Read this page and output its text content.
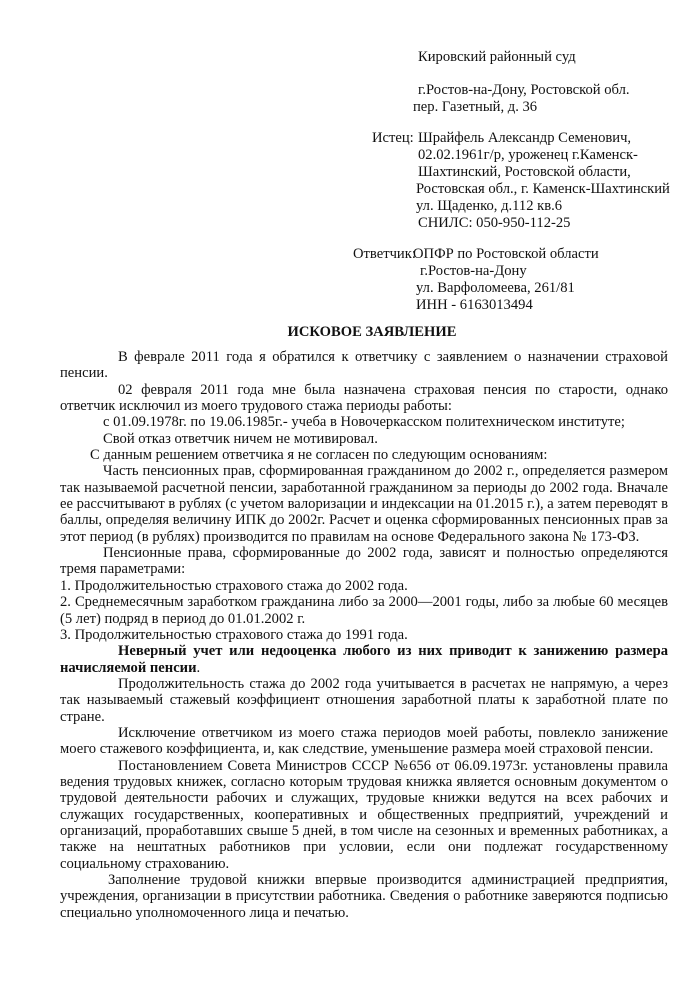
Кировский районный суд
г.Ростов-на-Дону, Ростовской обл.
пер. Газетный, д. 36
Истец: Шрайфель Александр Семенович,
02.02.1961г/р, уроженец г.Каменск-
Шахтинский, Ростовской области,
Ростовская обл., г. Каменск-Шахтинский
ул. Щаденко, д.112 кв.6
СНИЛС: 050-950-112-25
Ответчик:
ОПФР по Ростовской области
г.Ростов-на-Дону
ул. Варфоломеева, 261/81
ИНН - 6163013494
ИСКОВОЕ ЗАЯВЛЕНИЕ

В феврале 2011 года я обратился к ответчику с заявлением о назначении страховой пенсии.

02 февраля 2011 года мне была назначена страховая пенсия по старости, однако ответчик исключил из моего трудового стажа периоды работы:

с 01.09.1978г. по 19.06.1985г.- учеба в Новочеркасском политехническом институте;

Свой отказ ответчик ничем не мотивировал.

С данным решением ответчика я не согласен по следующим основаниям:

Часть пенсионных прав, сформированная гражданином до 2002 г., определяется размером так называемой расчетной пенсии, заработанной гражданином за периоды до 2002 года. Вначале ее рассчитывают в рублях (с учетом валоризации и индексации на 01.2015 г.), а затем переводят в баллы, определяя величину ИПК до 2002г. Расчет и оценка сформированных пенсионных прав за этот период (в рублях) производится по правилам на основе Федерального закона № 173-ФЗ.

Пенсионные права, сформированные до 2002 года, зависят и полностью определяются тремя параметрами:

1. Продолжительностью страхового стажа до 2002 года.

2. Среднемесячным заработком гражданина либо за 2000—2001 годы, либо за любые 60 месяцев (5 лет) подряд в период до 01.01.2002 г.

3. Продолжительностью страхового стажа до 1991 года.

Неверный учет или недооценка любого из них приводит к занижению размера начисляемой пенсии.

Продолжительность стажа до 2002 года учитывается в расчетах не напрямую, а через так называемый стажевый коэффициент отношения заработной платы к заработной плате по стране.

Исключение ответчиком из моего стажа периодов моей работы, повлекло занижение моего стажевого коэффициента, и, как следствие, уменьшение размера моей страховой пенсии.

Постановлением Совета Министров СССР №656 от 06.09.1973г. установлены правила ведения трудовых книжек, согласно которым трудовая книжка является основным документом о трудовой деятельности рабочих и служащих, трудовые книжки ведутся на всех рабочих и служащих государственных, кооперативных и общественных предприятий, учреждений и организаций, проработавших свыше 5 дней, в том числе на сезонных и временных работниках, а также на нештатных работников при условии, если они подлежат государственному социальному страхованию.

Заполнение трудовой книжки впервые производится администрацией предприятия, учреждения, организации в присутствии работника. Сведения о работнике заверяются подписью специально уполномоченного лица и печатью.
